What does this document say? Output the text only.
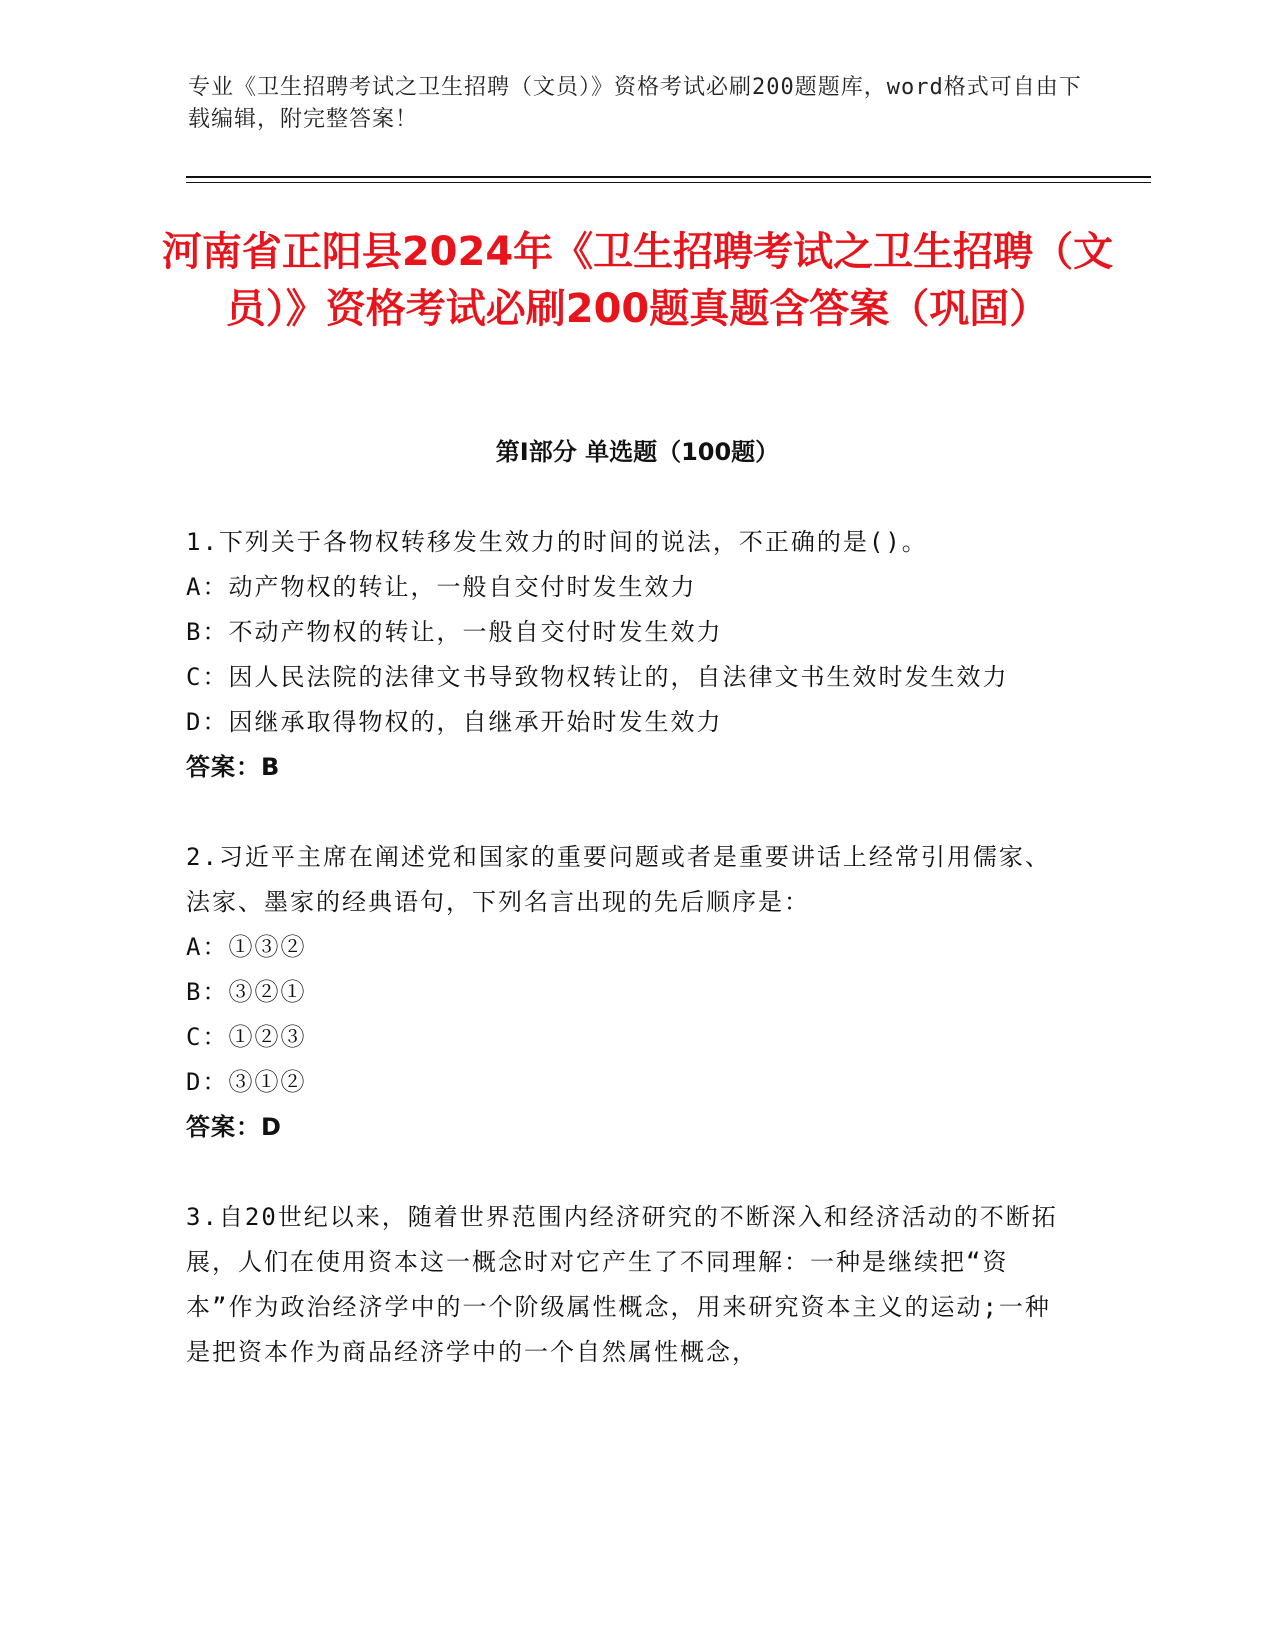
专业《卫生招聘考试之卫生招聘（文员）》资格考试必刷200题题库，word格式可自由下载编辑，附完整答案！
河南省正阳县2024年《卫生招聘考试之卫生招聘（文员）》资格考试必刷200题真题含答案（巩固）
第I部分 单选题（100题）
1.下列关于各物权转移发生效力的时间的说法，不正确的是()。
A：动产物权的转让，一般自交付时发生效力
B：不动产物权的转让，一般自交付时发生效力
C：因人民法院的法律文书导致物权转让的，自法律文书生效时发生效力
D：因继承取得物权的，自继承开始时发生效力
答案：B
2.习近平主席在阐述党和国家的重要问题或者是重要讲话上经常引用儒家、法家、墨家的经典语句，下列名言出现的先后顺序是：
A：①③②
B：③②①
C：①②③
D：③①②
答案：D
3.自20世纪以来，随着世界范围内经济研究的不断深入和经济活动的不断拓展，人们在使用资本这一概念时对它产生了不同理解：一种是继续把“资本”作为政治经济学中的一个阶级属性概念，用来研究资本主义的运动;一种是把资本作为商品经济学中的一个自然属性概念，
